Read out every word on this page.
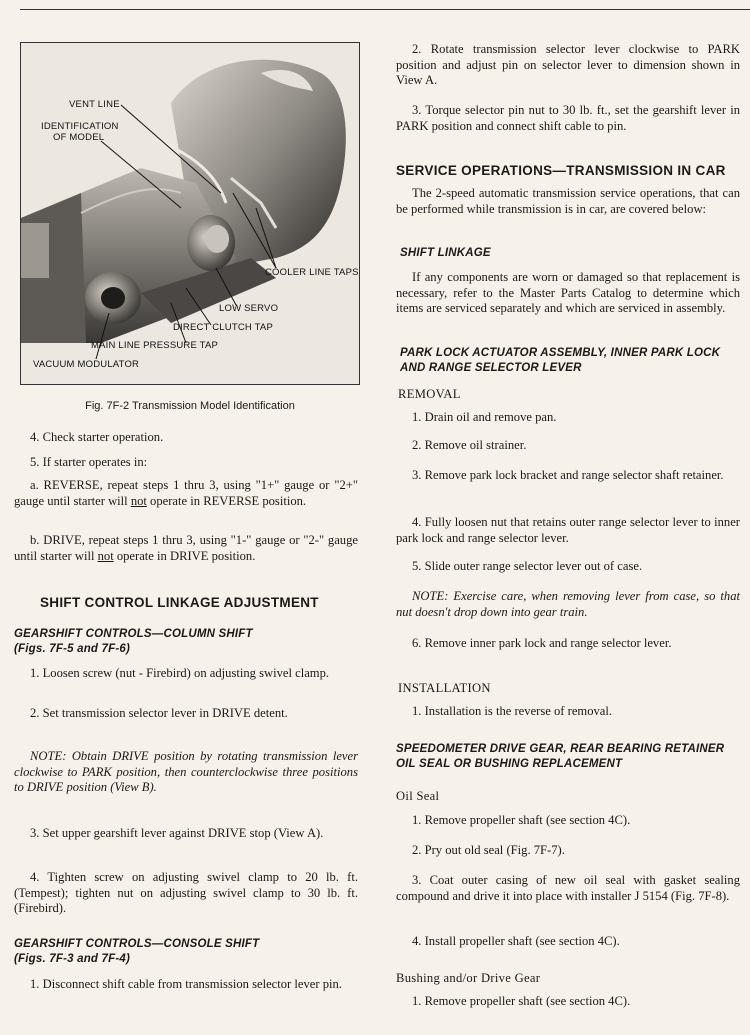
VENT LINE
IDENTIFICATION
OF MODEL
COOLER LINE TAPS
LOW SERVO
DIRECT CLUTCH TAP
MAIN LINE PRESSURE TAP
VACUUM MODULATOR
Fig. 7F-2 Transmission Model Identification

4. Check starter operation.

5. If starter operates in:

a. REVERSE, repeat steps 1 thru 3, using "1+" gauge or "2+" gauge until starter will not operate in REVERSE position.

b. DRIVE, repeat steps 1 thru 3, using "1-" gauge or "2-" gauge until starter will not operate in DRIVE position.

SHIFT CONTROL LINKAGE ADJUSTMENT
GEARSHIFT CONTROLS—COLUMN SHIFT
(Figs. 7F-5 and 7F-6)

1. Loosen screw (nut - Firebird) on adjusting swivel clamp.

2. Set transmission selector lever in DRIVE detent.

NOTE: Obtain DRIVE position by rotating transmission lever clockwise to PARK position, then counterclockwise three positions to DRIVE position (View B).

3. Set upper gearshift lever against DRIVE stop (View A).

4. Tighten screw on adjusting swivel clamp to 20 lb. ft. (Tempest); tighten nut on adjusting swivel clamp to 30 lb. ft. (Firebird).

GEARSHIFT CONTROLS—CONSOLE SHIFT
(Figs. 7F-3 and 7F-4)

1. Disconnect shift cable from transmission selector lever pin.

2. Rotate transmission selector lever clockwise to PARK position and adjust pin on selector lever to dimension shown in View A.

3. Torque selector pin nut to 30 lb. ft., set the gearshift lever in PARK position and connect shift cable to pin.

SERVICE OPERATIONS—TRANSMISSION IN CAR

The 2-speed automatic transmission service operations, that can be performed while transmission is in car, are covered below:

SHIFT LINKAGE

If any components are worn or damaged so that replacement is necessary, refer to the Master Parts Catalog to determine which items are serviced separately and which are serviced in assembly.

PARK LOCK ACTUATOR ASSEMBLY, INNER PARK LOCK AND RANGE SELECTOR LEVER
REMOVAL

1. Drain oil and remove pan.

2. Remove oil strainer.

3. Remove park lock bracket and range selector shaft retainer.

4. Fully loosen nut that retains outer range selector lever to inner park lock and range selector lever.

5. Slide outer range selector lever out of case.

NOTE: Exercise care, when removing lever from case, so that nut doesn't drop down into gear train.

6. Remove inner park lock and range selector lever.

INSTALLATION

1. Installation is the reverse of removal.

SPEEDOMETER DRIVE GEAR, REAR BEARING RETAINER OIL SEAL OR BUSHING REPLACEMENT
Oil Seal

1. Remove propeller shaft (see section 4C).

2. Pry out old seal (Fig. 7F-7).

3. Coat outer casing of new oil seal with gasket sealing compound and drive it into place with installer J 5154 (Fig. 7F-8).

4. Install propeller shaft (see section 4C).

Bushing and/or Drive Gear

1. Remove propeller shaft (see section 4C).
